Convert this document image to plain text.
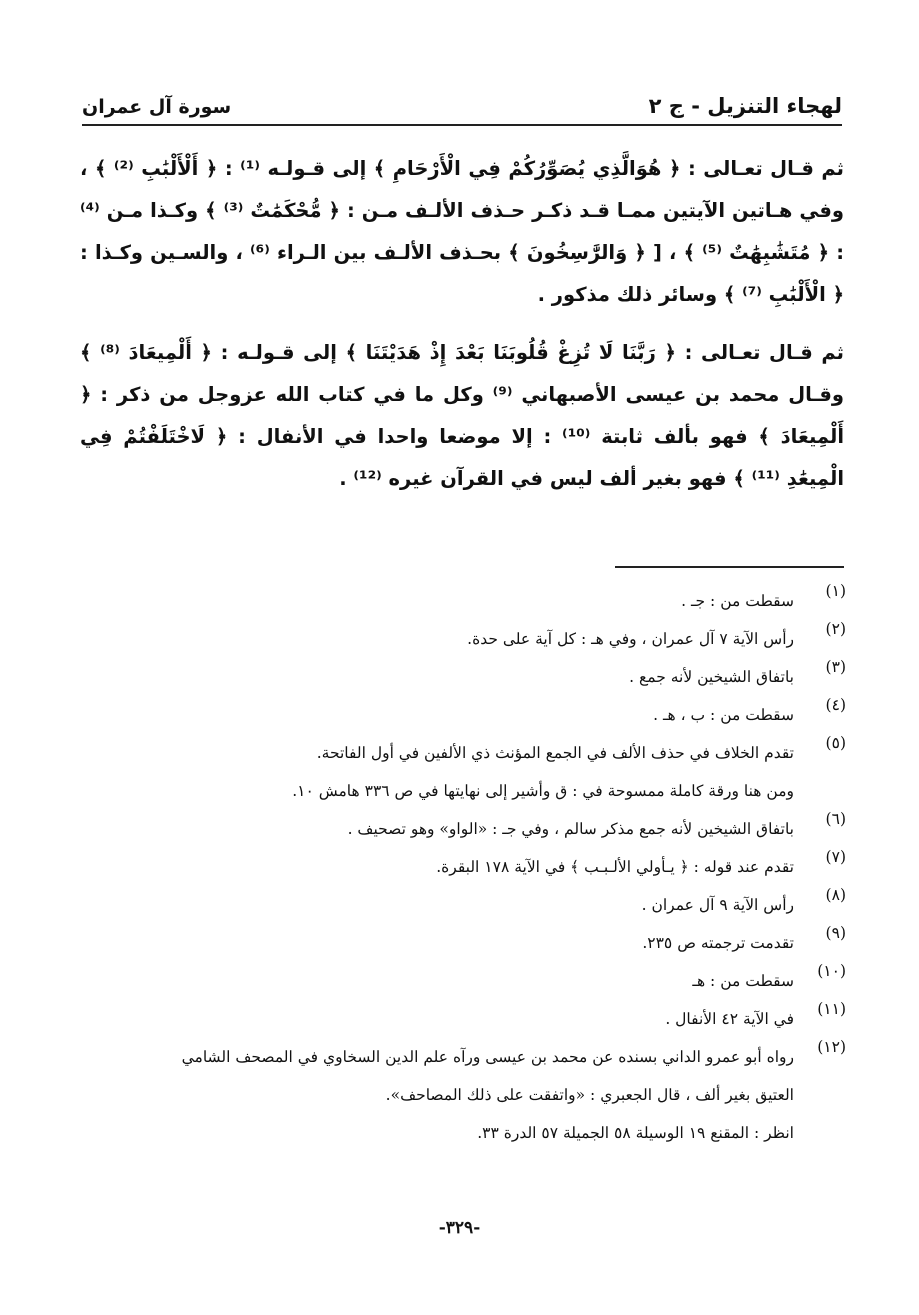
لهجاء التنزيل - ج ٢
سورة آل عمران

ثم قـال تعـالى : ﴿ هُوَالَّذِي يُصَوِّرُكُمْ فِي الْأَرْحَامِ ﴾ إلى قـولـه ⁽¹⁾ : ﴿ أَلْأَلْبَٰبِ ⁽²⁾ ﴾ ، وفي هـاتين الآيتين ممـا قـد ذكـر حـذف الألـف مـن : ﴿ مُّحْكَمَٰتٌ ⁽³⁾ ﴾ وكـذا مـن ⁽⁴⁾ : ﴿ مُتَشَٰبِهَٰتٌ ⁽⁵⁾ ﴾ ، [ ﴿ وَالرَّٰسِخُونَ ﴾ بحـذف الألـف بين الـراء ⁽⁶⁾ ، والسـين وكـذا : ﴿ الْأَلْبَٰبِ ⁽⁷⁾ ﴾ وسائر ذلك مذكور .

ثم قـال تعـالى : ﴿ رَبَّنَا لَا تُزِغْ قُلُوبَنَا بَعْدَ إِذْ هَدَيْتَنَا ﴾ إلى قـولـه : ﴿ أَلْمِيعَادَ ⁽⁸⁾ ﴾ وقـال محمد بن عيسى الأصبهاني ⁽⁹⁾ وكل ما في كتاب الله عزوجل من ذكر : ﴿ أَلْمِيعَادَ ﴾ فهو بألف ثابتة ⁽¹⁰⁾ : إلا موضعا واحدا في الأنفال : ﴿ لَاخْتَلَفْتُمْ فِي الْمِيعَٰدِ ⁽¹¹⁾ ﴾ فهو بغير ألف ليس في القرآن غيره ⁽¹²⁾ .

(١)
سقطت من : جـ .
(٢)
رأس الآية ٧ آل عمران ، وفي هـ : كل آية على حدة.
(٣)
باتفاق الشيخين لأنه جمع .
(٤)
سقطت من : ب ، هـ .
(٥)
تقدم الخلاف في حذف الألف في الجمع المؤنث ذي الألفين في أول الفاتحة.
ومن هنا ورقة كاملة ممسوحة في : ق وأشير إلى نهايتها في ص ٣٣٦ هامش ١٠.
(٦)
باتفاق الشيخين لأنه جمع مذكر سالم ، وفي جـ : «الواو» وهو تصحيف .
(٧)
تقدم عند قوله : ﴿ يـأولي الألـبـب ﴾ في الآية ١٧٨ البقرة.
(٨)
رأس الآية ٩ آل عمران .
(٩)
تقدمت ترجمته ص ٢٣٥.
(١٠)
سقطت من : هـ
(١١)
في الآية ٤٢ الأنفال .
(١٢)
رواه أبو عمرو الداني بسنده عن محمد بن عيسى ورآه علم الدين السخاوي في المصحف الشامي
العتيق بغير ألف ، قال الجعبري : «واتفقت على ذلك المصاحف».
انظر : المقنع ١٩ الوسيلة ٥٨ الجميلة ٥٧ الدرة ٣٣.
-٣٢٩-
